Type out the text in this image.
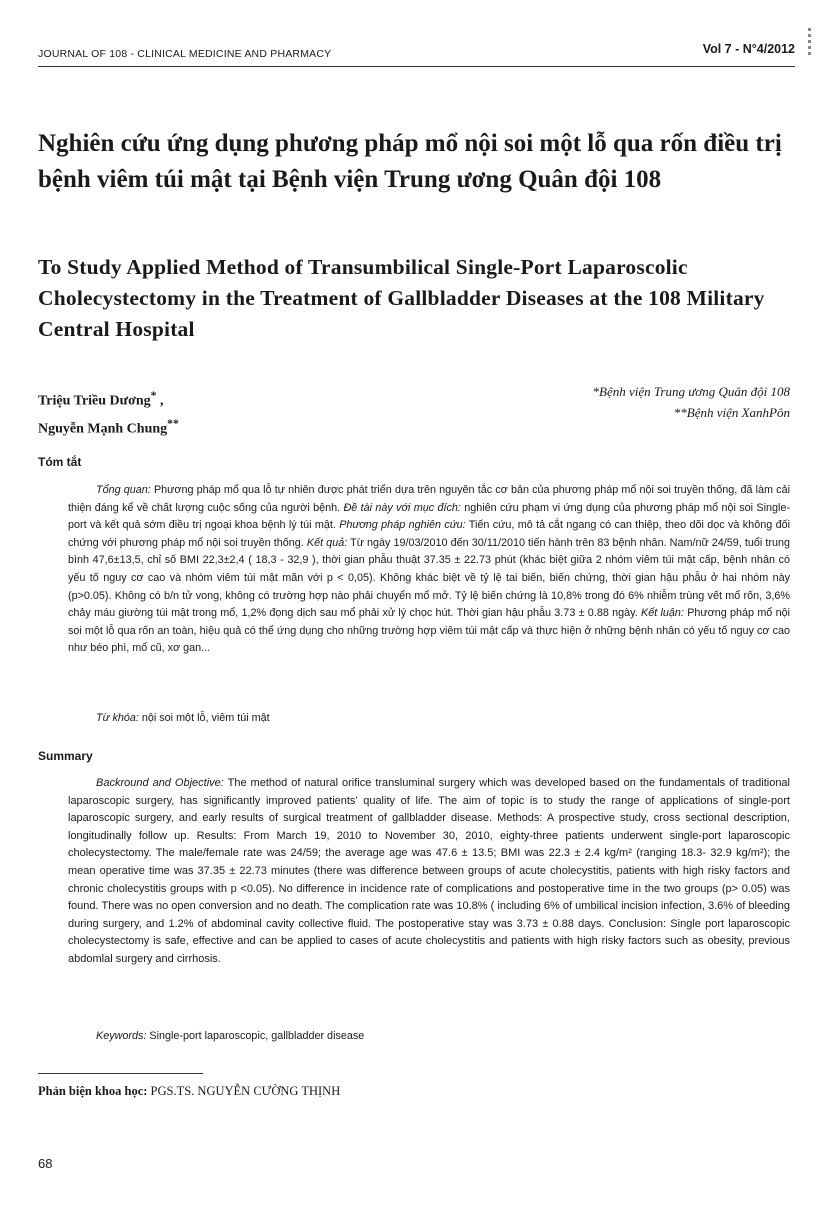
JOURNAL OF 108 - CLINICAL MEDICINE AND PHARMACY	Vol 7 - N°4/2012
Nghiên cứu ứng dụng phương pháp mổ nội soi một lỗ qua rốn điều trị bệnh viêm túi mật tại Bệnh viện Trung ương Quân đội 108
To Study Applied Method of Transumbilical Single-Port Laparoscolic Cholecystectomy in the Treatment of Gallbladder Diseases at the 108 Military Central Hospital
Triệu Triều Dương* ,
Nguyễn Mạnh Chung**
*Bệnh viện Trung ương Quân đội 108
**Bệnh viện XanhPôn
Tóm tắt

Tổng quan: Phương pháp mổ qua lỗ tự nhiên được phát triển dựa trên nguyên tắc cơ bản của phương pháp mổ nội soi truyền thống, đã làm cải thiện đáng kể về chất lượng cuộc sống của người bệnh. Đề tài này với mục đích: nghiên cứu phạm vi ứng dụng của phương pháp mổ nội soi Single-port và kết quả sớm điều trị ngoại khoa bệnh lý túi mật. Phương pháp nghiên cứu: Tiến cứu, mô tả cắt ngang có can thiệp, theo dõi dọc và không đối chứng với phương pháp mổ nội soi truyền thống. Kết quả: Từ ngày 19/03/2010 đến 30/11/2010 tiến hành trên 83 bệnh nhân. Nam/nữ 24/59, tuổi trung bình 47,6±13,5, chỉ số BMI 22,3±2,4 ( 18,3 - 32,9 ), thời gian phẫu thuật 37.35 ± 22.73 phút (khác biệt giữa 2 nhóm viêm túi mật cấp, bệnh nhân có yếu tố nguy cơ cao và nhóm viêm túi mật mãn với p < 0,05). Không khác biệt về tỷ lệ tai biến, biến chứng, thời gian hậu phẫu ở hai nhóm này (p>0.05). Không có b/n tử vong, không có trường hợp nào phải chuyển mổ mở. Tỷ lệ biến chứng là 10,8% trong đó 6% nhiễm trùng vết mổ rốn, 3,6% chảy máu giường túi mật trong mổ, 1,2% đọng dịch sau mổ phải xử lý chọc hút. Thời gian hậu phẫu 3.73 ± 0.88 ngày. Kết luận: Phương pháp mổ nội soi một lỗ qua rốn an toàn, hiệu quả có thể ứng dụng cho những trường hợp viêm túi mật cấp và thực hiện ở những bệnh nhân có yếu tố nguy cơ cao như béo phì, mổ cũ, xơ gan...

Từ khóa: nội soi một lỗ, viêm túi mật
Summary

Backround and Objective: The method of natural orifice transluminal surgery which was developed based on the fundamentals of traditional laparoscopic surgery, has significantly improved patients' quality of life. The aim of topic is to study the range of applications of single-port laparoscopic surgery, and early results of surgical treatment of gallbladder disease. Methods: A prospective study, cross sectional description, longitudinally follow up. Results: From March 19, 2010 to November 30, 2010, eighty-three patients underwent single-port laparoscopic cholecystectomy. The male/female rate was 24/59; the average age was 47.6 ± 13.5; BMI was 22.3 ± 2.4 kg/m² (ranging 18.3- 32.9 kg/m²); the mean operative time was 37.35 ± 22.73 minutes (there was difference between groups of acute cholecystitis, patients with high risky factors and chronic cholecystitis groups with p <0.05). No difference in incidence rate of complications and postoperative time in the two groups (p> 0.05) was found. There was no open conversion and no death. The complication rate was 10.8% ( including 6% of umbilical incision infection, 3.6% of bleeding during surgery, and 1.2% of abdominal cavity collective fluid. The postoperative stay was 3.73 ± 0.88 days. Conclusion: Single port laparoscopic cholecystectomy is safe, effective and can be applied to cases of acute cholecystitis and patients with high risky factors such as obesity, previous abdomlal surgery and cirrhosis.

Keywords: Single-port laparoscopic, gallbladder disease
Phản biện khoa học: PGS.TS. NGUYỄN CƯỜNG THỊNH
68
